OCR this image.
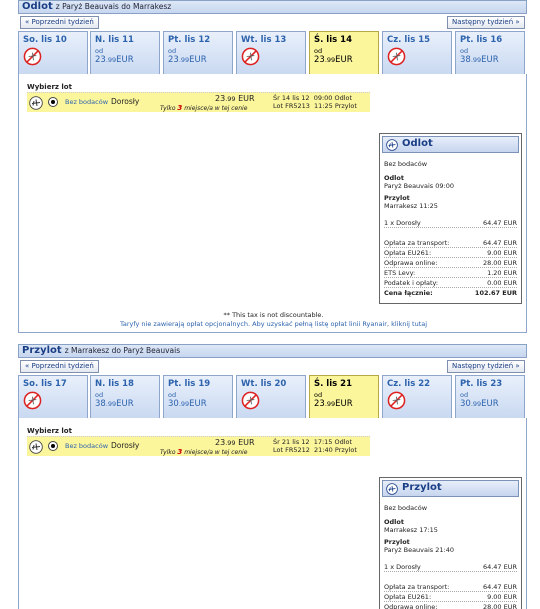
Odlot z Paryż Beauvais do Marrakesz
« Poprzedni tydzień	Następny tydzień »
So. lis 10	N. lis 11
od
23.99EUR
Pt. lis 12
od
23.99EUR
Wt. lis 13	Ś. lis 14
od
23.99EUR
Cz. lis 15	Pt. lis 16
od
38.99EUR
Wybierz lot
Bez bodaców Dorosły	23.99 EUR
Tylko 3 miejsce/a w tej cenie
Śr 14 lis 12 09:00 Odlot
Lot FR5213 11:25 Przylot
Odlot
Bez bodaców
Odlot
Paryż Beauvais 09:00
Przylot
Marrakesz 11:25
1 x Dorosły	64.47 EUR
Opłata za transport:	64.47 EUR
Opłata EU261:	9.00 EUR
Odprawa online:	28.00 EUR
ETS Levy:	1.20 EUR
Podatek i opłaty:	0.00 EUR
Cena łącznie:	102.67 EUR
** This tax is not discountable.
Taryfy nie zawierają opłat opcjonalnych. Aby uzyskać pełną listę opłat linii Ryanair, kliknij tutaj
Przylot z Marrakesz do Paryż Beauvais
« Poprzedni tydzień	Następny tydzień »
So. lis 17	N. lis 18
od
38.99EUR
Pt. lis 19
od
30.99EUR
Wt. lis 20	Ś. lis 21
od
23.99EUR
Cz. lis 22	Pt. lis 23
od
30.99EUR
Wybierz lot
Bez bodaców Dorosły	23.99 EUR
Tylko 3 miejsce/a w tej cenie
Śr 21 lis 12 17:15 Odlot
Lot FR5212 21:40 Przylot
Przylot
Bez bodaców
Odlot
Marrakesz 17:15
Przylot
Paryż Beauvais 21:40
1 x Dorosły	64.47 EUR
Opłata za transport:	64.47 EUR
Opłata EU261:	9.00 EUR
Odprawa online:	28.00 EUR
